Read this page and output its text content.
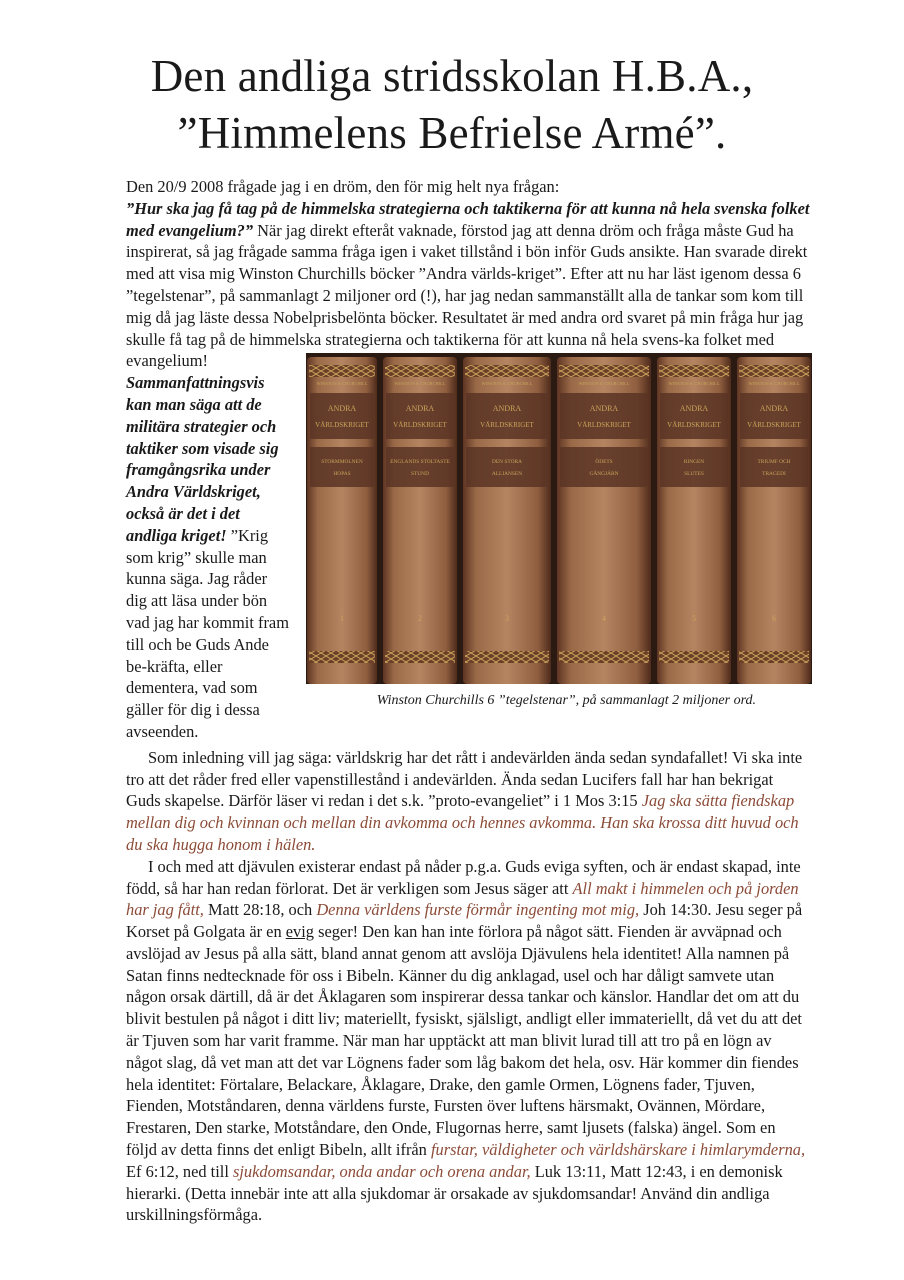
Den andliga stridsskolan H.B.A.,
”Himmelens Befrielse Armé”.

Den 20/9 2008 frågade jag i en dröm, den för mig helt nya frågan:
”Hur ska jag få tag på de himmelska strategierna och taktikerna för att kunna nå hela svenska folket med evangelium?” När jag direkt efteråt vaknade, förstod jag att denna dröm och fråga måste Gud ha inspirerat, så jag frågade samma fråga igen i vaket tillstånd i bön inför Guds ansikte. Han svarade direkt med att visa mig Winston Churchills böcker ”Andra världs-kriget”. Efter att nu har läst igenom dessa 6 ”tegelstenar”, på sammanlagt 2 miljoner ord (!), har jag nedan sammanställt alla de tankar som kom till mig då jag läste dessa Nobelprisbelönta böcker. Resultatet är med andra ord svaret på min fråga hur jag skulle få tag på de himmelska strategierna och taktikerna för att kunna nå hela svens-ka folket med evangelium!
WINSTON S. CHURCHILL
ANDRA
VÄRLDSKRIGET
STORMMOLNEN
HOPAS
1
WINSTON S. CHURCHILL
ANDRA
VÄRLDSKRIGET
ENGLANDS STOLTASTE
STUND
2
WINSTON S. CHURCHILL
ANDRA
VÄRLDSKRIGET
DEN STORA
ALLIANSEN
3
WINSTON S. CHURCHILL
ANDRA
VÄRLDSKRIGET
ÖDETS
GÅNGJÄRN
4
WINSTON S. CHURCHILL
ANDRA
VÄRLDSKRIGET
RINGEN
SLUTES
5
WINSTON S. CHURCHILL
ANDRA
VÄRLDSKRIGET
TRIUMF OCH
TRAGEDI
6
Winston Churchills 6 ”tegelstenar”, på sammanlagt 2 miljoner ord.
Sammanfattningsvis kan man säga att de militära strategier och taktiker som visade sig framgångsrika under Andra Världskriget, också är det i det andliga kriget! ”Krig som krig” skulle man kunna säga. Jag råder dig att läsa under bön vad jag har kommit fram till och be Guds Ande be-kräfta, eller dementera, vad som gäller för dig i dessa avseenden.

Som inledning vill jag säga: världskrig har det rått i andevärlden ända sedan syndafallet! Vi ska inte tro att det råder fred eller vapenstillestånd i andevärlden. Ända sedan Lucifers fall har han bekrigat Guds skapelse. Därför läser vi redan i det s.k. ”proto-evangeliet” i 1 Mos 3:15 Jag ska sätta fiendskap mellan dig och kvinnan och mellan din avkomma och hennes avkomma. Han ska krossa ditt huvud och du ska hugga honom i hälen.

I och med att djävulen existerar endast på nåder p.g.a. Guds eviga syften, och är endast skapad, inte född, så har han redan förlorat. Det är verkligen som Jesus säger att All makt i himmelen och på jorden har jag fått, Matt 28:18, och Denna världens furste förmår ingenting mot mig, Joh 14:30. Jesu seger på Korset på Golgata är en evig seger! Den kan han inte förlora på något sätt. Fienden är avväpnad och avslöjad av Jesus på alla sätt, bland annat genom att avslöja Djävulens hela identitet! Alla namnen på Satan finns nedtecknade för oss i Bibeln. Känner du dig anklagad, usel och har dåligt samvete utan någon orsak därtill, då är det Åklagaren som inspirerar dessa tankar och känslor. Handlar det om att du blivit bestulen på något i ditt liv; materiellt, fysiskt, själsligt, andligt eller immateriellt, då vet du att det är Tjuven som har varit framme. När man har upptäckt att man blivit lurad till att tro på en lögn av något slag, då vet man att det var Lögnens fader som låg bakom det hela, osv. Här kommer din fiendes hela identitet: Förtalare, Belackare, Åklagare, Drake, den gamle Ormen, Lögnens fader, Tjuven, Fienden, Motståndaren, denna världens furste, Fursten över luftens härsmakt, Ovännen, Mördare, Frestaren, Den starke, Motståndare, den Onde, Flugornas herre, samt ljusets (falska) ängel. Som en följd av detta finns det enligt Bibeln, allt ifrån furstar, väldigheter och världshärskare i himlarymderna, Ef 6:12, ned till sjukdomsandar, onda andar och orena andar, Luk 13:11, Matt 12:43, i en demonisk hierarki. (Detta innebär inte att alla sjukdomar är orsakade av sjukdomsandar! Använd din andliga urskillningsförmåga.
